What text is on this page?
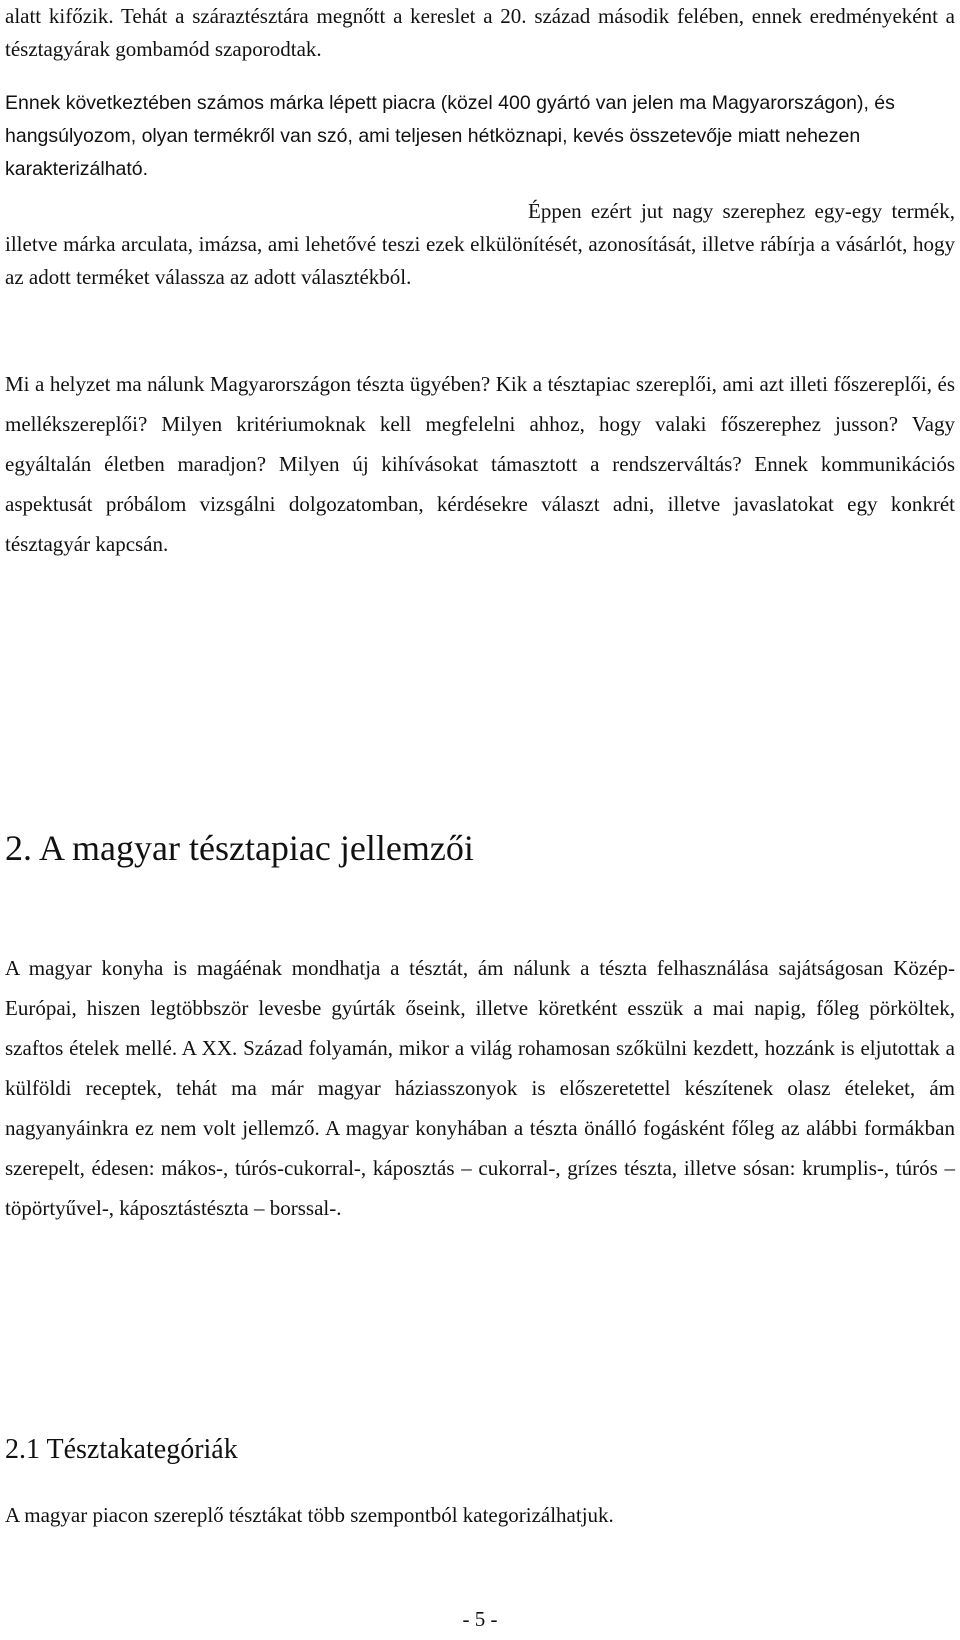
alatt kifőzik. Tehát a száraztésztára megnőtt a kereslet a 20. század második felében, ennek eredményeként a tésztagyárak gombamód szaporodtak.

Ennek következtében számos márka lépett piacra (közel 400 gyártó van jelen ma Magyarországon), és hangsúlyozom, olyan termékről van szó, ami teljesen hétköznapi, kevés összetevője miatt nehezen karakterizálható.

Éppen ezért jut nagy szerephez egy-egy termék, illetve márka arculata, imázsa, ami lehetővé teszi ezek elkülönítését, azonosítását, illetve rábírja a vásárlót, hogy az adott terméket válassza az adott választékból.

Mi a helyzet ma nálunk Magyarországon tészta ügyében? Kik a tésztapiac szereplői, ami azt illeti főszereplői, és mellékszereplői? Milyen kritériumoknak kell megfelelni ahhoz, hogy valaki főszerephez jusson? Vagy egyáltalán életben maradjon? Milyen új kihívásokat támasztott a rendszerváltás? Ennek kommunikációs aspektusát próbálom vizsgálni dolgozatomban, kérdésekre választ adni, illetve javaslatokat egy konkrét tésztagyár kapcsán.

2. A magyar tésztapiac jellemzői

A magyar konyha is magáénak mondhatja a tésztát, ám nálunk a tészta felhasználása sajátságosan Közép-Európai, hiszen legtöbbször levesbe gyúrták őseink, illetve köretként esszük a mai napig, főleg pörköltek, szaftos ételek mellé. A XX. Század folyamán, mikor a világ rohamosan szőkülni kezdett, hozzánk is eljutottak a külföldi receptek, tehát ma már magyar háziasszonyok is előszeretettel készítenek olasz ételeket, ám nagyanyáinkra ez nem volt jellemző. A magyar konyhában a tészta önálló fogásként főleg az alábbi formákban szerepelt, édesen: mákos-, túrós-cukorral-, káposztás – cukorral-, grízes tészta, illetve sósan: krumplis-, túrós –töpörtyűvel-, káposztástészta – borssal-.

2.1 Tésztakategóriák

A magyar piacon szereplő tésztákat több szempontból kategorizálhatjuk.

- 5 -
